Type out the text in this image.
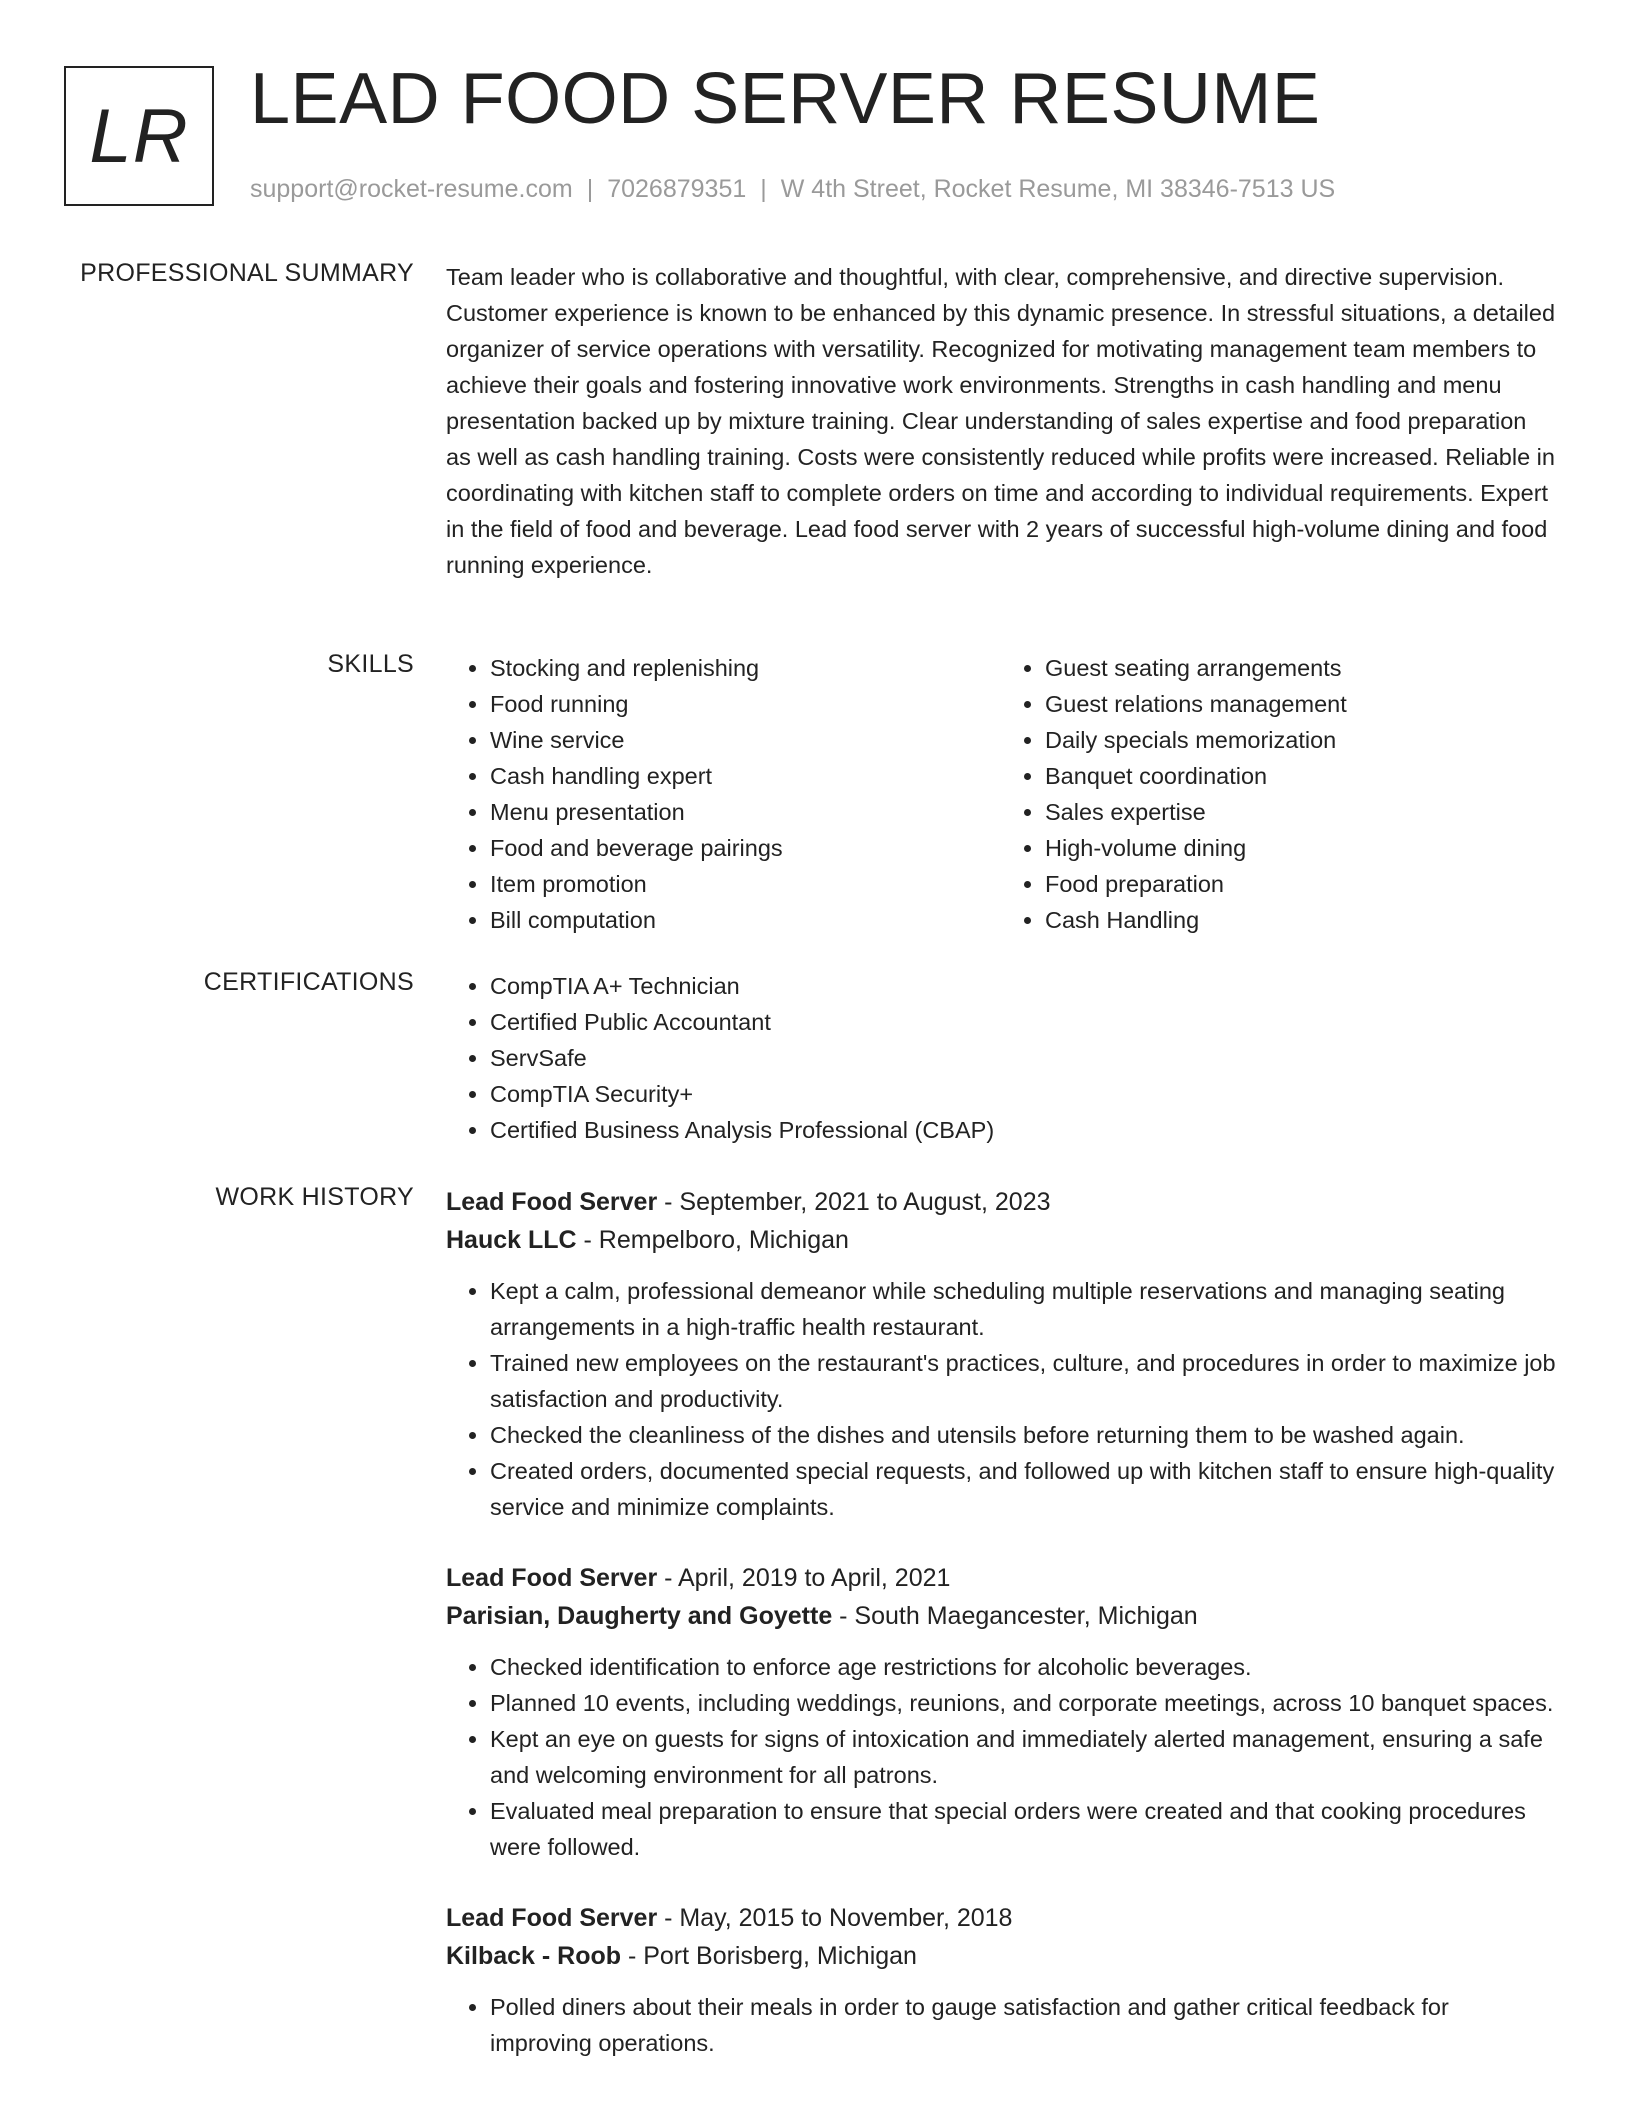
LR LEAD FOOD SERVER RESUME
support@rocket-resume.com | 7026879351 | W 4th Street, Rocket Resume, MI 38346-7513 US
PROFESSIONAL SUMMARY Team leader who is collaborative and thoughtful, with clear, comprehensive, and directive supervision. Customer experience is known to be enhanced by this dynamic presence. In stressful situations, a detailed organizer of service operations with versatility. Recognized for motivating management team members to achieve their goals and fostering innovative work environments. Strengths in cash handling and menu presentation backed up by mixture training. Clear understanding of sales expertise and food preparation as well as cash handling training. Costs were consistently reduced while profits were increased. Reliable in coordinating with kitchen staff to complete orders on time and according to individual requirements. Expert in the field of food and beverage. Lead food server with 2 years of successful high-volume dining and food running experience.

SKILLS	• Stocking and replenishing
• Food running
• Wine service
• Cash handling expert
• Menu presentation
• Food and beverage pairings
• Item promotion
• Bill computation
• Guest seating arrangements
• Guest relations management
• Daily specials memorization
• Banquet coordination
• Sales expertise
• High-volume dining
• Food preparation
• Cash Handling
CERTIFICATIONS	• CompTIA A+ Technician
• Certified Public Accountant
• ServSafe
• CompTIA Security+
• Certified Business Analysis Professional (CBAP)
WORK HISTORY Lead Food Server - September, 2021 to August, 2023
Hauck LLC - Rempelboro, Michigan
• Kept a calm, professional demeanor while scheduling multiple reservations and managing seating arrangements in a high-traffic health restaurant.
• Trained new employees on the restaurant's practices, culture, and procedures in order to maximize job satisfaction and productivity.
• Checked the cleanliness of the dishes and utensils before returning them to be washed again.
• Created orders, documented special requests, and followed up with kitchen staff to ensure high-quality service and minimize complaints.
Lead Food Server - April, 2019 to April, 2021
Parisian, Daugherty and Goyette - South Maegancester, Michigan
• Checked identification to enforce age restrictions for alcoholic beverages.
• Planned 10 events, including weddings, reunions, and corporate meetings, across 10 banquet spaces.
• Kept an eye on guests for signs of intoxication and immediately alerted management, ensuring a safe and welcoming environment for all patrons.
• Evaluated meal preparation to ensure that special orders were created and that cooking procedures were followed.
Lead Food Server - May, 2015 to November, 2018
Kilback - Roob - Port Borisberg, Michigan
• Polled diners about their meals in order to gauge satisfaction and gather critical feedback for improving operations.
